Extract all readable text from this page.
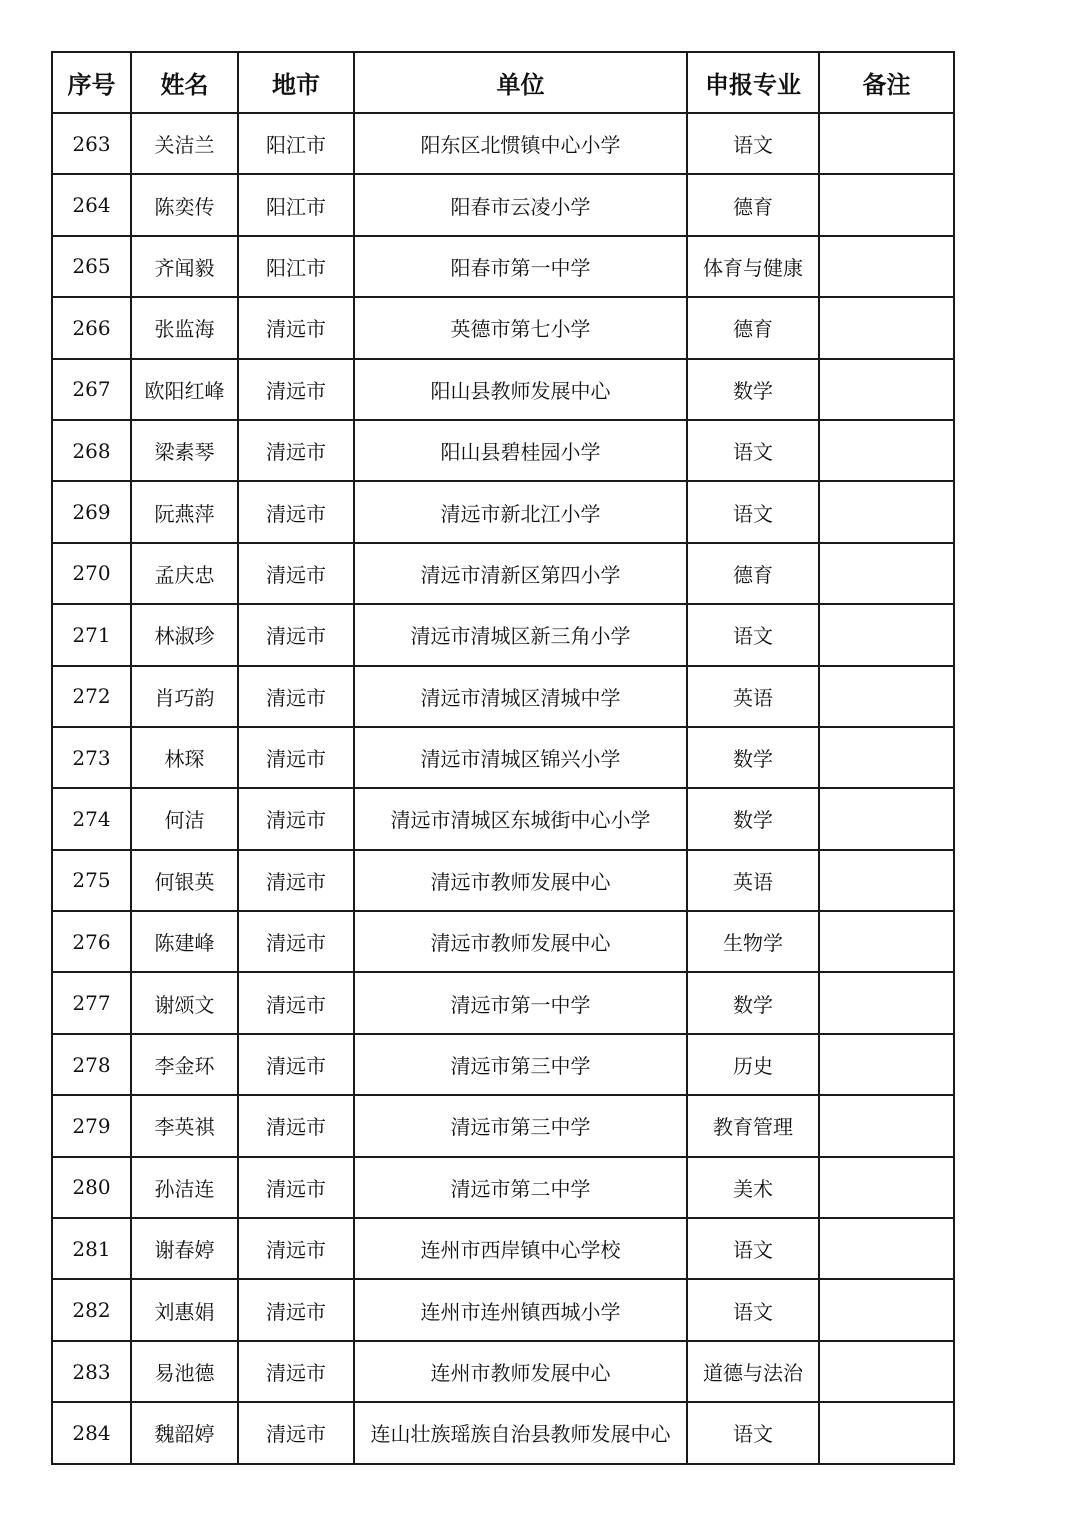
序号	姓名	地市	单位	申报专业	备注
263	关洁兰	阳江市	阳东区北惯镇中心小学	语文	
264	陈奕传	阳江市	阳春市云凌小学	德育	
265	齐闻毅	阳江市	阳春市第一中学	体育与健康	
266	张监海	清远市	英德市第七小学	德育	
267	欧阳红峰	清远市	阳山县教师发展中心	数学	
268	梁素琴	清远市	阳山县碧桂园小学	语文	
269	阮燕萍	清远市	清远市新北江小学	语文	
270	孟庆忠	清远市	清远市清新区第四小学	德育	
271	林淑珍	清远市	清远市清城区新三角小学	语文	
272	肖巧韵	清远市	清远市清城区清城中学	英语	
273	林琛	清远市	清远市清城区锦兴小学	数学	
274	何洁	清远市	清远市清城区东城街中心小学	数学	
275	何银英	清远市	清远市教师发展中心	英语	
276	陈建峰	清远市	清远市教师发展中心	生物学	
277	谢颂文	清远市	清远市第一中学	数学	
278	李金环	清远市	清远市第三中学	历史	
279	李英祺	清远市	清远市第三中学	教育管理	
280	孙洁连	清远市	清远市第二中学	美术	
281	谢春婷	清远市	连州市西岸镇中心学校	语文	
282	刘惠娟	清远市	连州市连州镇西城小学	语文	
283	易池德	清远市	连州市教师发展中心	道德与法治	
284	魏韶婷	清远市	连山壮族瑶族自治县教师发展中心	语文	
